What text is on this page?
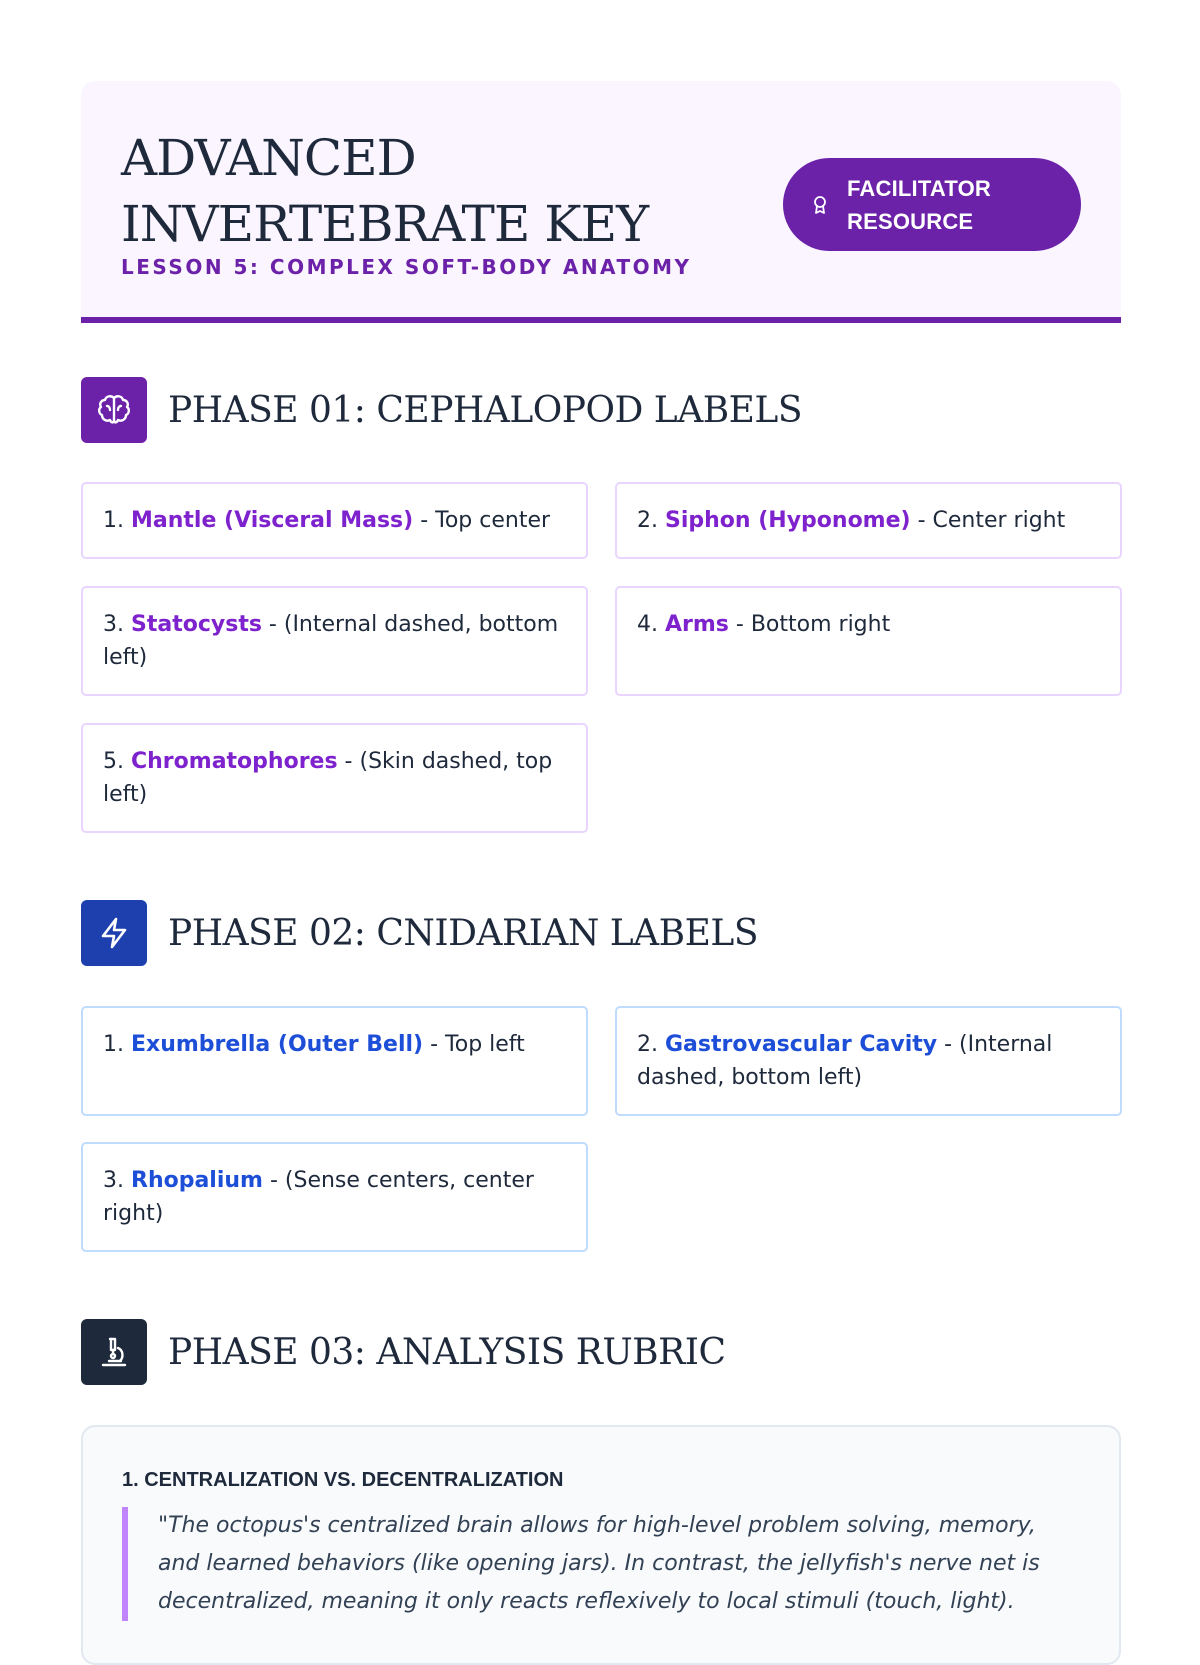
ADVANCED INVERTEBRATE KEY

LESSON 5: COMPLEX SOFT-BODY ANATOMY

FACILITATOR
RESOURCE
PHASE 01: CEPHALOPOD LABELS
1. Mantle (Visceral Mass) - Top center	2. Siphon (Hyponome) - Center right
3. Statocysts - (Internal dashed, bottom left)
4. Arms - Bottom right
5. Chromatophores - (Skin dashed, top left)
PHASE 02: CNIDARIAN LABELS
1. Exumbrella (Outer Bell) - Top left	2. Gastrovascular Cavity - (Internal dashed, bottom left)
3. Rhopalium - (Sense centers, center right)
PHASE 03: ANALYSIS RUBRIC
1. CENTRALIZATION VS. DECENTRALIZATION
"The octopus's centralized brain allows for high-level problem solving, memory, and learned behaviors (like opening jars). In contrast, the jellyfish's nerve net is decentralized, meaning it only reacts reflexively to local stimuli (touch, light).
